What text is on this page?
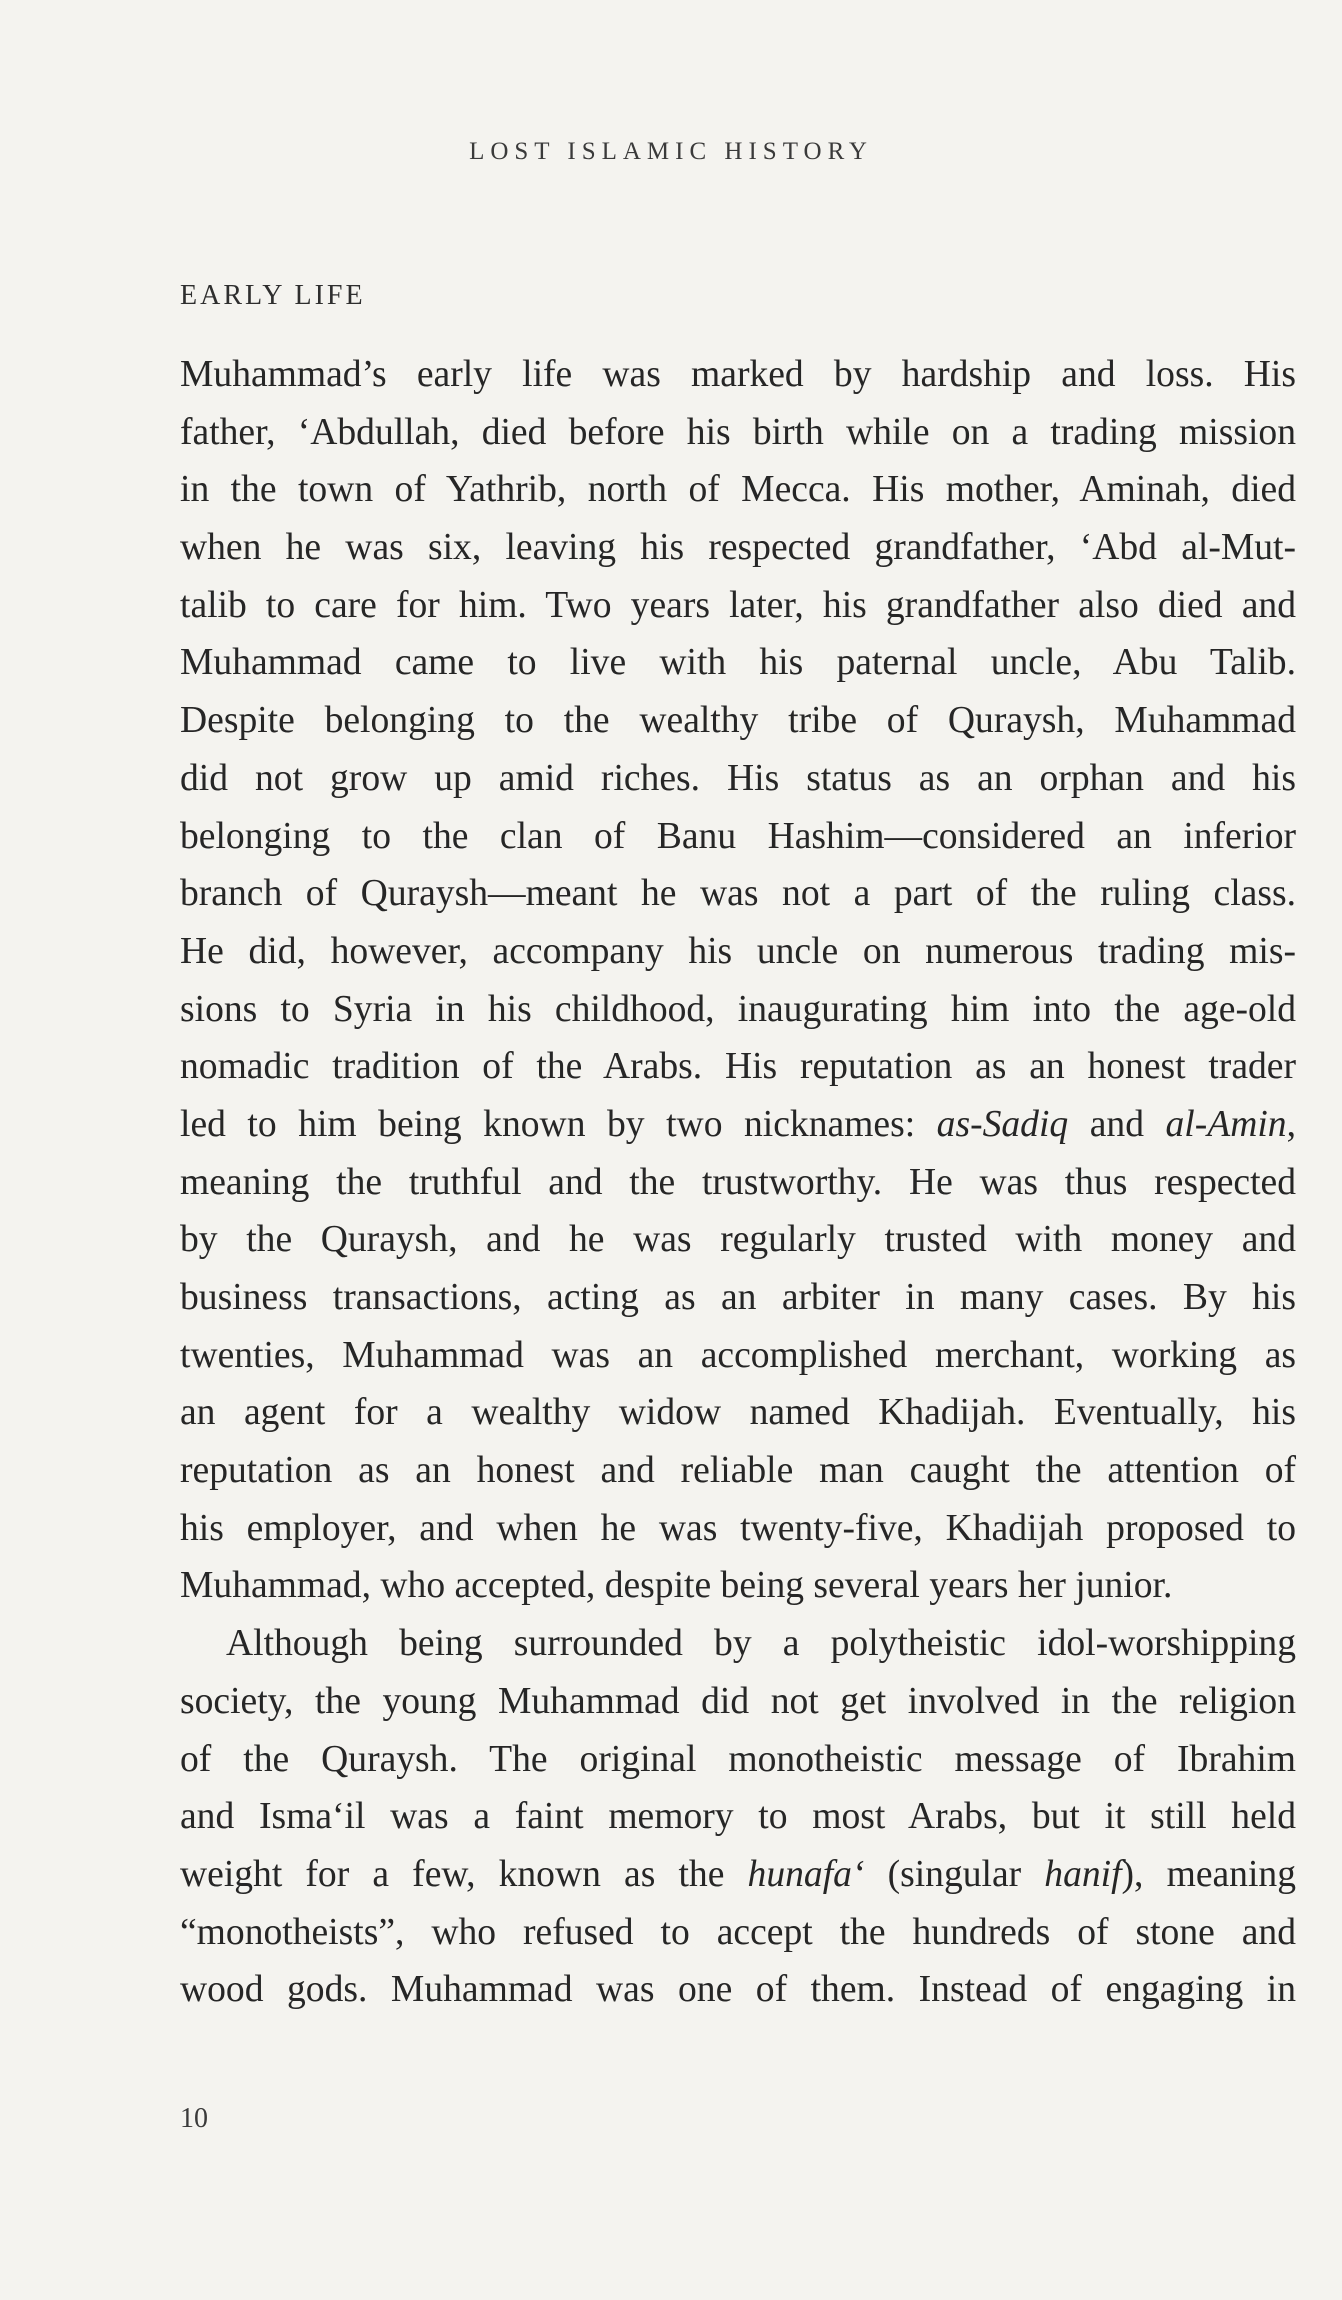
LOST ISLAMIC HISTORY
EARLY LIFE
Muhammad’s early life was marked by hardship and loss. His
father, ‘Abdullah, died before his birth while on a trading mission
in the town of Yathrib, north of Mecca. His mother, Aminah, died
when he was six, leaving his respected grandfather, ‘Abd al-Mut-
talib to care for him. Two years later, his grandfather also died and
Muhammad came to live with his paternal uncle, Abu Talib.
Despite belonging to the wealthy tribe of Quraysh, Muhammad
did not grow up amid riches. His status as an orphan and his
belonging to the clan of Banu Hashim—considered an inferior
branch of Quraysh—meant he was not a part of the ruling class.
He did, however, accompany his uncle on numerous trading mis-
sions to Syria in his childhood, inaugurating him into the age-old
nomadic tradition of the Arabs. His reputation as an honest trader
led to him being known by two nicknames: as-Sadiq and al-Amin,
meaning the truthful and the trustworthy. He was thus respected
by the Quraysh, and he was regularly trusted with money and
business transactions, acting as an arbiter in many cases. By his
twenties, Muhammad was an accomplished merchant, working as
an agent for a wealthy widow named Khadijah. Eventually, his
reputation as an honest and reliable man caught the attention of
his employer, and when he was twenty-five, Khadijah proposed to
Muhammad, who accepted, despite being several years her junior.
Although being surrounded by a polytheistic idol-worshipping
society, the young Muhammad did not get involved in the religion
of the Quraysh. The original monotheistic message of Ibrahim
and Isma‘il was a faint memory to most Arabs, but it still held
weight for a few, known as the hunafa‘ (singular hanif), meaning
“monotheists”, who refused to accept the hundreds of stone and
wood gods. Muhammad was one of them. Instead of engaging in
10
